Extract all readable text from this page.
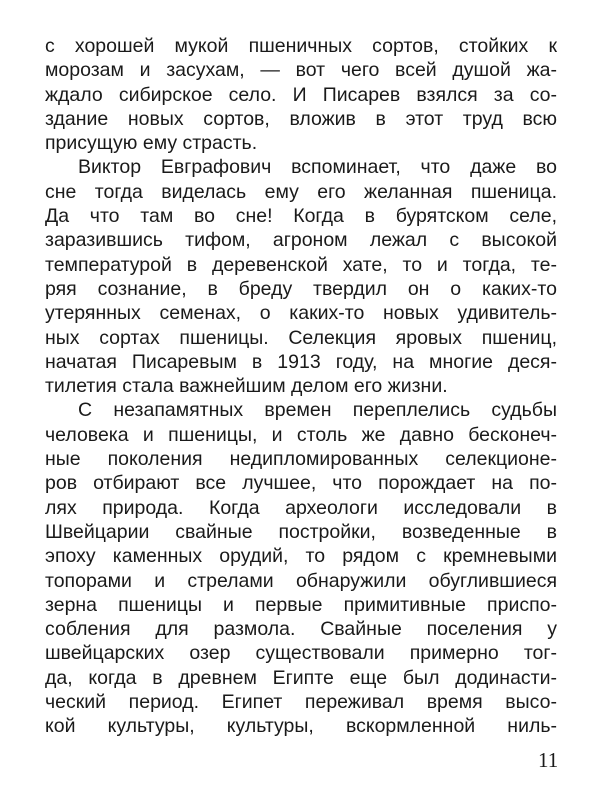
с хорошей мукой пшеничных сортов, стойких к
морозам и засухам, — вот чего всей душой жа-
ждало сибирское село. И Писарев взялся за со-
здание новых сортов, вложив в этот труд всю
присущую ему страсть.
Виктор Евграфович вспоминает, что даже во
сне тогда виделась ему его желанная пшеница.
Да что там во сне! Когда в бурятском селе,
заразившись тифом, агроном лежал с высокой
температурой в деревенской хате, то и тогда, те-
ряя сознание, в бреду твердил он о каких-то
утерянных семенах, о каких-то новых удивитель-
ных сортах пшеницы. Селекция яровых пшениц,
начатая Писаревым в 1913 году, на многие деся-
тилетия стала важнейшим делом его жизни.
С незапамятных времен переплелись судьбы
человека и пшеницы, и столь же давно бесконеч-
ные поколения недипломированных селекционе-
ров отбирают все лучшее, что порождает на по-
лях природа. Когда археологи исследовали в
Швейцарии свайные постройки, возведенные в
эпоху каменных орудий, то рядом с кремневыми
топорами и стрелами обнаружили обуглившиеся
зерна пшеницы и первые примитивные приспо-
собления для размола. Свайные поселения у
швейцарских озер существовали примерно тог-
да, когда в древнем Египте еще был додинасти-
ческий период. Египет переживал время высо-
кой культуры, культуры, вскормленной ниль-
11
